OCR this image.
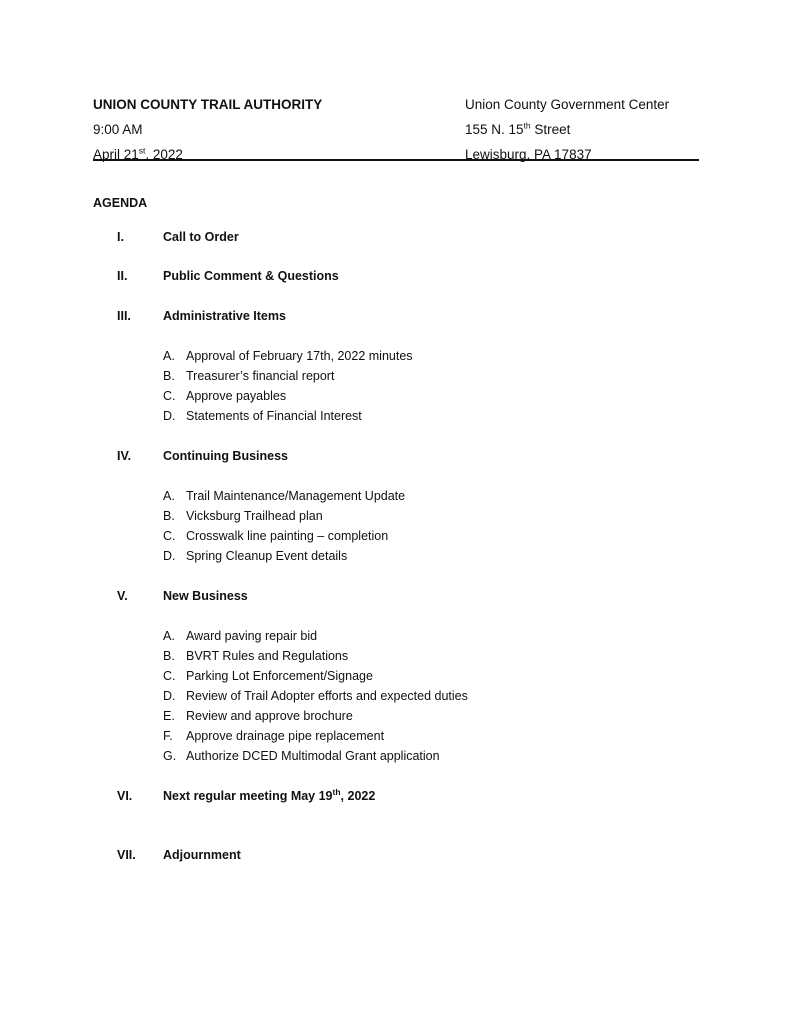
UNION COUNTY TRAIL AUTHORITY
9:00 AM
April 21st, 2022
Union County Government Center
155 N. 15th Street
Lewisburg, PA 17837
AGENDA
I.	Call to Order
II.	Public Comment & Questions
III.	Administrative Items
A. Approval of February 17th, 2022 minutes
B. Treasurer’s financial report
C. Approve payables
D. Statements of Financial Interest
IV.	Continuing Business
A. Trail Maintenance/Management Update
B. Vicksburg Trailhead plan
C. Crosswalk line painting – completion
D. Spring Cleanup Event details
V.	New Business
A. Award paving repair bid
B. BVRT Rules and Regulations
C. Parking Lot Enforcement/Signage
D. Review of Trail Adopter efforts and expected duties
E. Review and approve brochure
F. Approve drainage pipe replacement
G. Authorize DCED Multimodal Grant application
VI. Next regular meeting May 19th, 2022
VII. Adjournment
